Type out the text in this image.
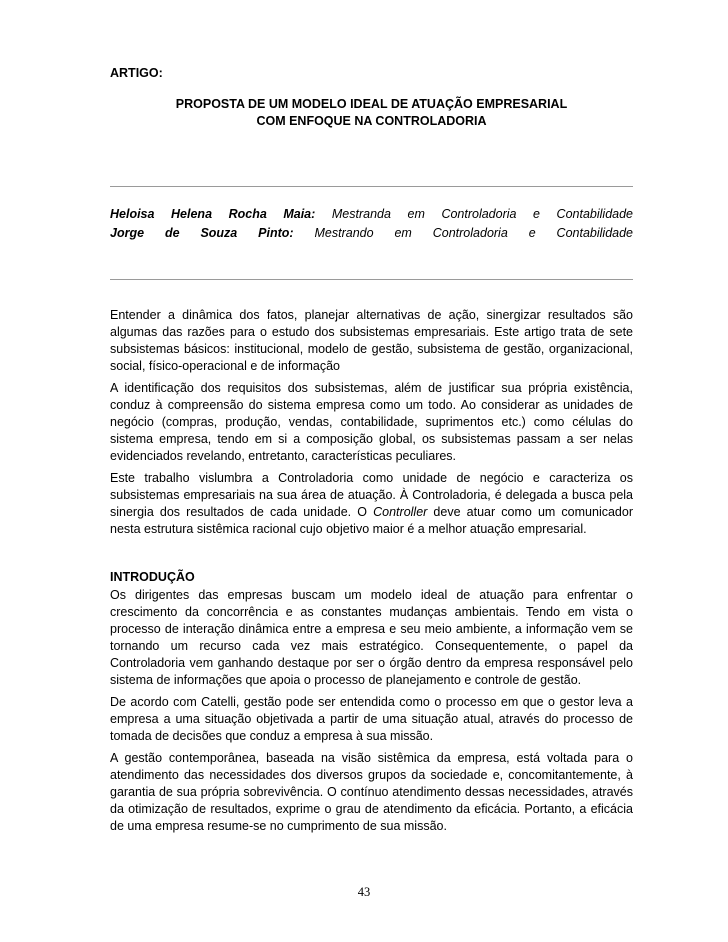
ARTIGO:
PROPOSTA DE UM MODELO IDEAL DE ATUAÇÃO EMPRESARIAL
COM ENFOQUE NA CONTROLADORIA
Heloisa Helena Rocha Maia: Mestranda em Controladoria e Contabilidade
Jorge de Souza Pinto: Mestrando em Controladoria e Contabilidade

Entender a dinâmica dos fatos, planejar alternativas de ação, sinergizar resultados são algumas das razões para o estudo dos subsistemas empresariais. Este artigo trata de sete subsistemas básicos: institucional, modelo de gestão, subsistema de gestão, organizacional, social, físico-operacional e de informação

A identificação dos requisitos dos subsistemas, além de justificar sua própria existência, conduz à compreensão do sistema empresa como um todo. Ao considerar as unidades de negócio (compras, produção, vendas, contabilidade, suprimentos etc.) como células do sistema empresa, tendo em si a composição global, os subsistemas passam a ser nelas evidenciados revelando, entretanto, características peculiares.

Este trabalho vislumbra a Controladoria como unidade de negócio e caracteriza os subsistemas empresariais na sua área de atuação. À Controladoria, é delegada a busca pela sinergia dos resultados de cada unidade. O Controller deve atuar como um comunicador nesta estrutura sistêmica racional cujo objetivo maior é a melhor atuação empresarial.

INTRODUÇÃO

Os dirigentes das empresas buscam um modelo ideal de atuação para enfrentar o crescimento da concorrência e as constantes mudanças ambientais. Tendo em vista o processo de interação dinâmica entre a empresa e seu meio ambiente, a informação vem se tornando um recurso cada vez mais estratégico. Consequentemente, o papel da Controladoria vem ganhando destaque por ser o órgão dentro da empresa responsável pelo sistema de informações que apoia o processo de planejamento e controle de gestão.

De acordo com Catelli, gestão pode ser entendida como o processo em que o gestor leva a empresa a uma situação objetivada a partir de uma situação atual, através do processo de tomada de decisões que conduz a empresa à sua missão.

A gestão contemporânea, baseada na visão sistêmica da empresa, está voltada para o atendimento das necessidades dos diversos grupos da sociedade e, concomitantemente, à garantia de sua própria sobrevivência. O contínuo atendimento dessas necessidades, através da otimização de resultados, exprime o grau de atendimento da eficácia. Portanto, a eficácia de uma empresa resume-se no cumprimento de sua missão.

43
